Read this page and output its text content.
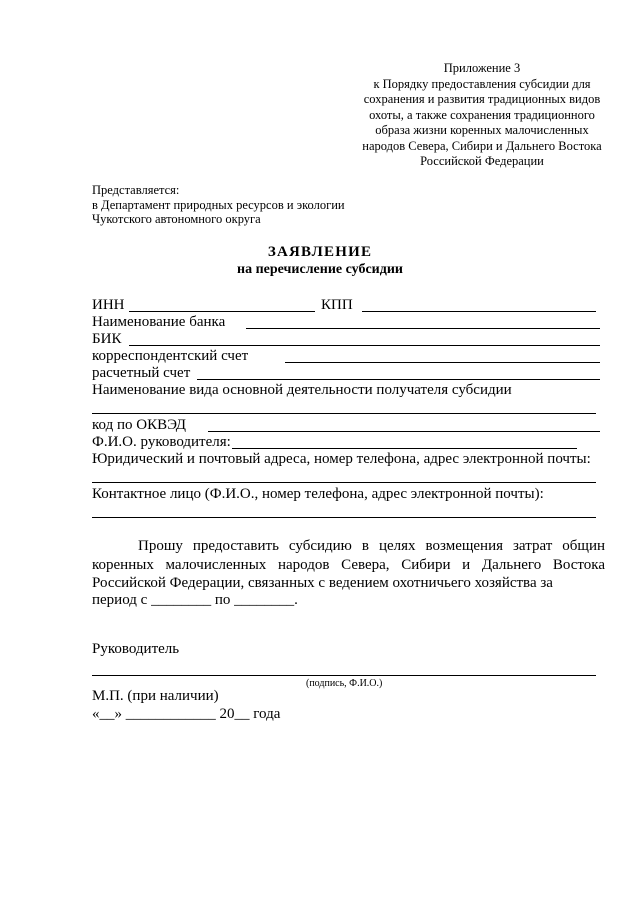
Приложение 3
к Порядку предоставления субсидии для
сохранения и развития традиционных видов
охоты, а также сохранения традиционного
образа жизни коренных малочисленных
народов Севера, Сибири и Дальнего Востока
Российской Федерации
Представляется:
в Департамент природных ресурсов и экологии
Чукотского автономного округа
ЗАЯВЛЕНИЕ
на перечисление субсидии
ИНН	КПП
Наименование банка
БИК
корреспондентский счет
расчетный счет
Наименование вида основной деятельности получателя субсидии
код по ОКВЭД
Ф.И.О. руководителя:
Юридический и почтовый адреса, номер телефона, адрес электронной почты:
Контактное лицо (Ф.И.О., номер телефона, адрес электронной почты):
Прошу предоставить субсидию в целях возмещения затрат общин коренных малочисленных народов Севера, Сибири и Дальнего Востока Российской Федерации, связанных с ведением охотничьего хозяйства за
период с ________ по ________.
Руководитель
(подпись, Ф.И.О.)
М.П. (при наличии)
«__» ____________ 20__ года
